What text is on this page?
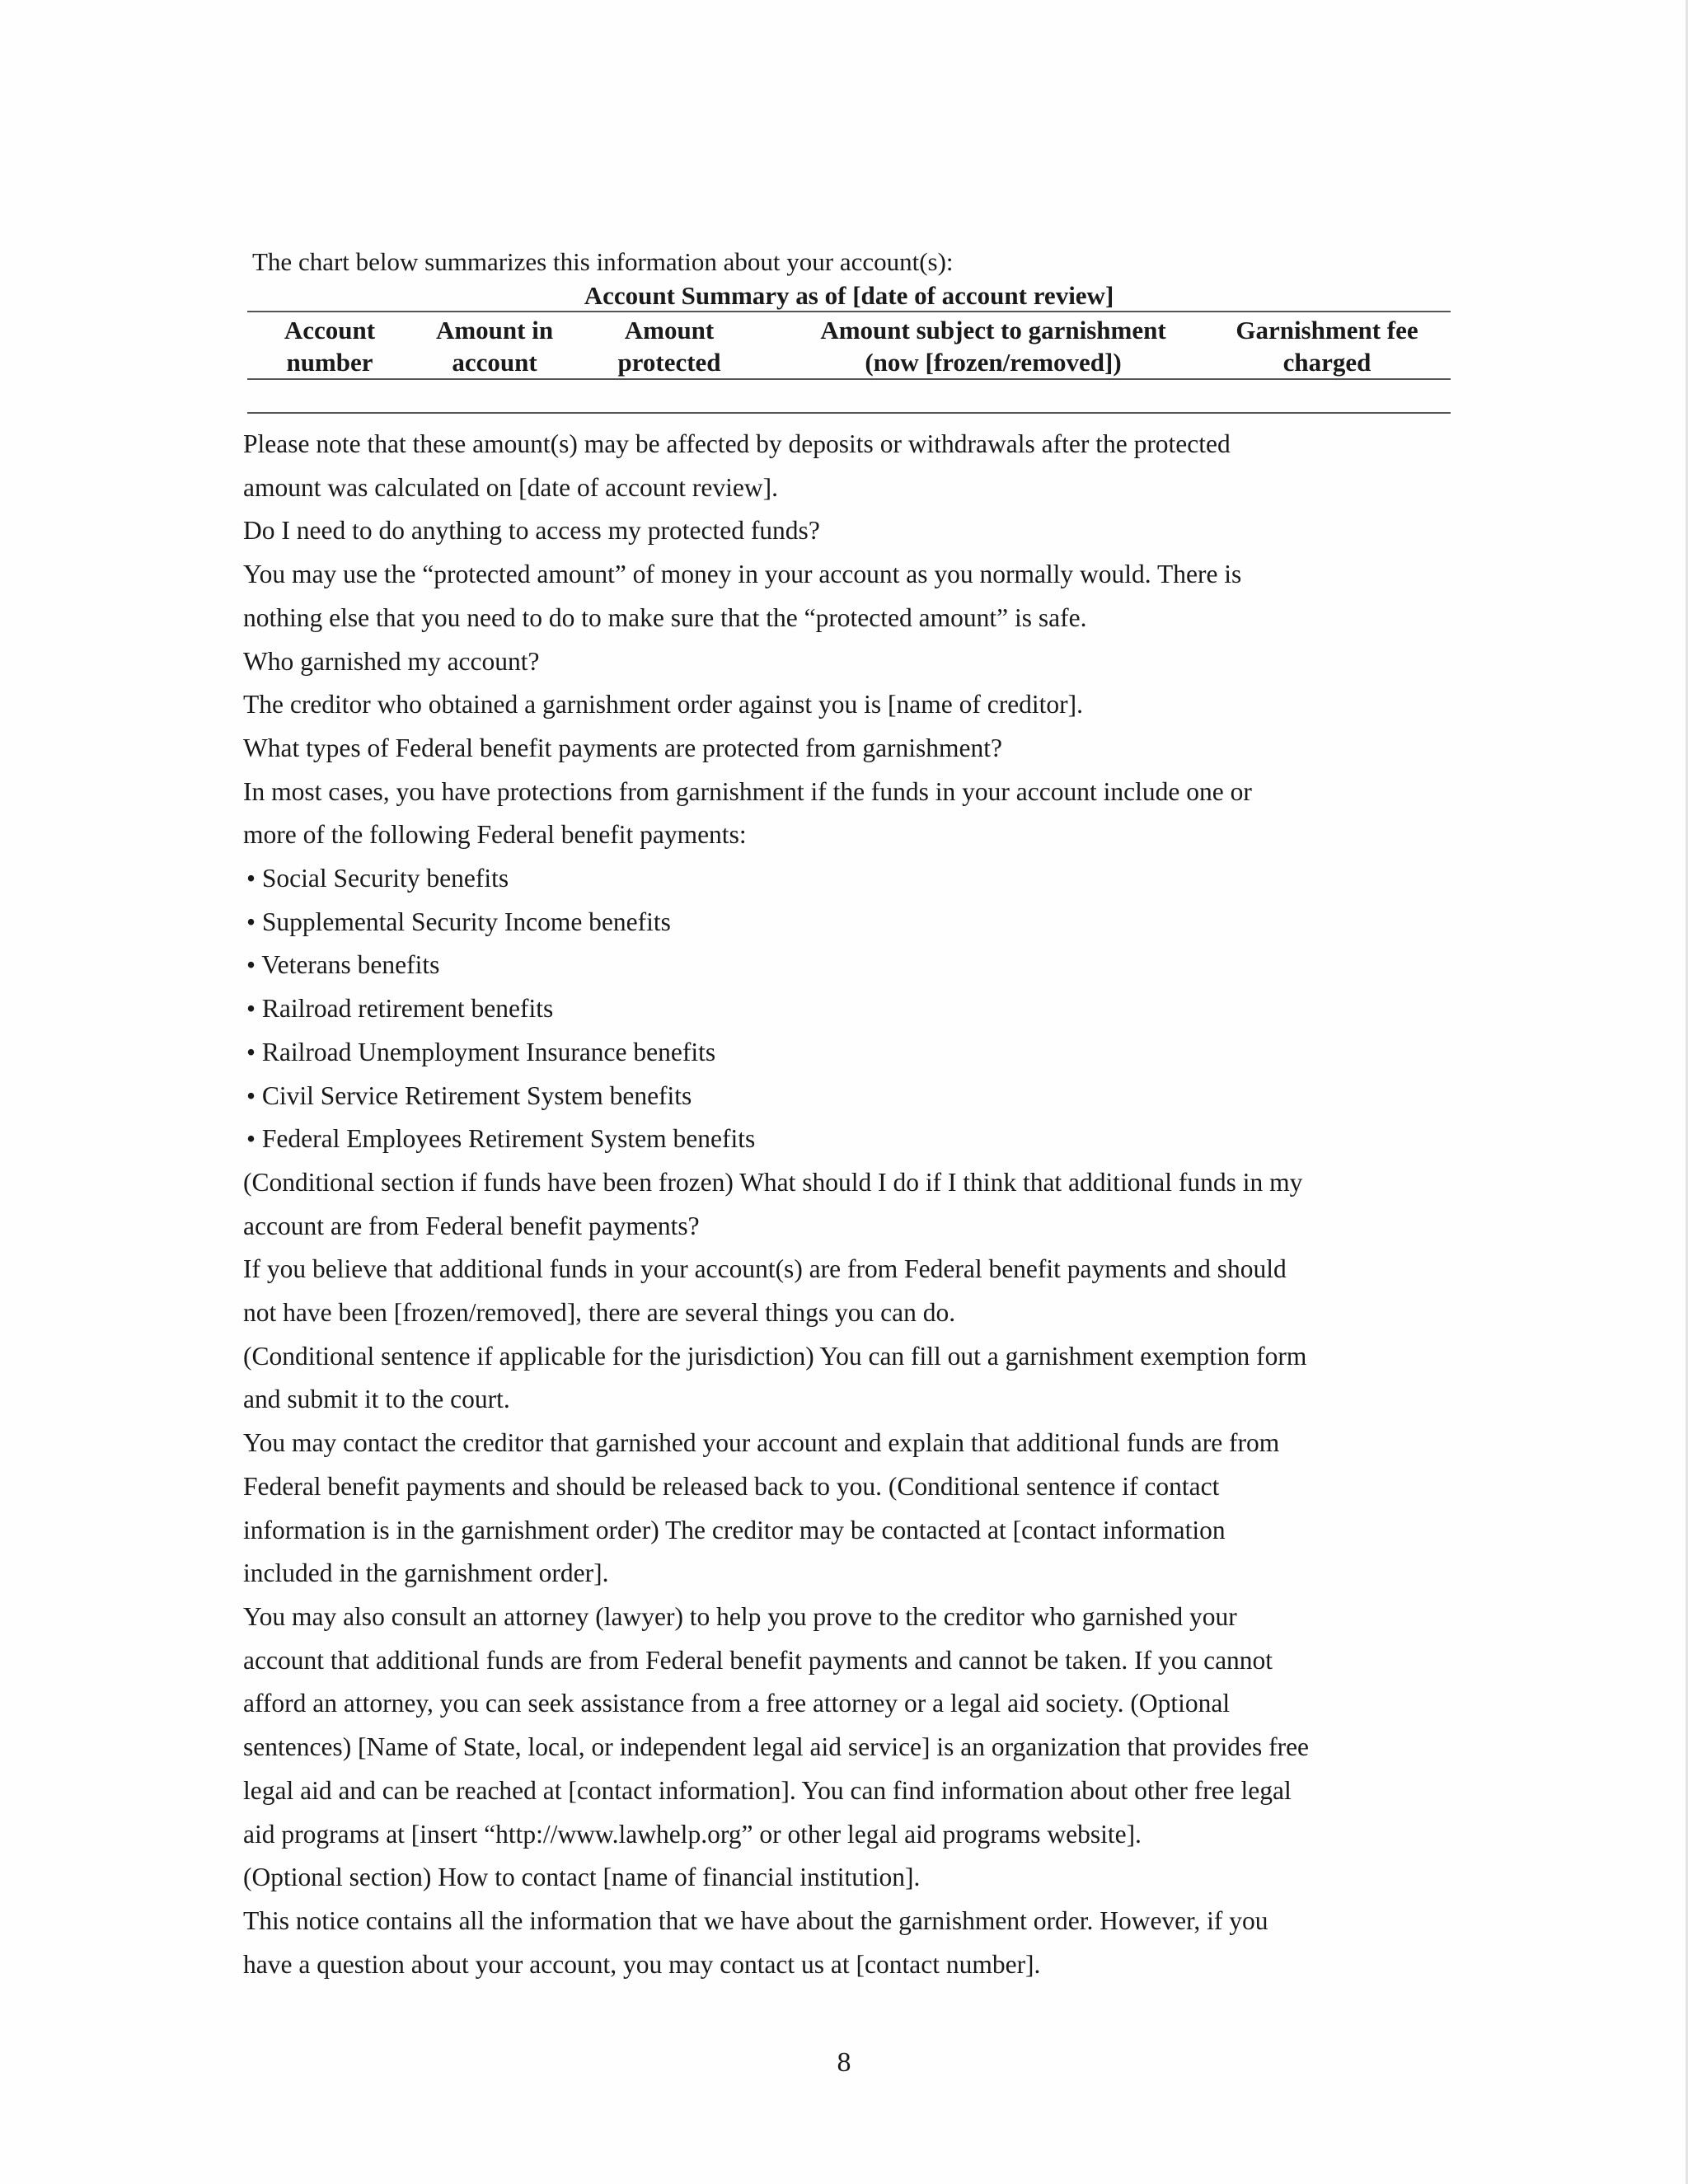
The chart below summarizes this information about your account(s):
Account Summary as of [date of account review]
Account
number
Amount in
account
Amount
protected
Amount subject to garnishment
(now [frozen/removed])
Garnishment fee
charged

Please note that these amount(s) may be affected by deposits or withdrawals after the protected

amount was calculated on [date of account review].

Do I need to do anything to access my protected funds?

You may use the “protected amount” of money in your account as you normally would. There is

nothing else that you need to do to make sure that the “protected amount” is safe.

Who garnished my account?

The creditor who obtained a garnishment order against you is [name of creditor].

What types of Federal benefit payments are protected from garnishment?

In most cases, you have protections from garnishment if the funds in your account include one or

more of the following Federal benefit payments:

• Social Security benefits

• Supplemental Security Income benefits

• Veterans benefits

• Railroad retirement benefits

• Railroad Unemployment Insurance benefits

• Civil Service Retirement System benefits

• Federal Employees Retirement System benefits

(Conditional section if funds have been frozen) What should I do if I think that additional funds in my

account are from Federal benefit payments?

If you believe that additional funds in your account(s) are from Federal benefit payments and should

not have been [frozen/removed], there are several things you can do.

(Conditional sentence if applicable for the jurisdiction) You can fill out a garnishment exemption form

and submit it to the court.

You may contact the creditor that garnished your account and explain that additional funds are from

Federal benefit payments and should be released back to you. (Conditional sentence if contact

information is in the garnishment order) The creditor may be contacted at [contact information

included in the garnishment order].

You may also consult an attorney (lawyer) to help you prove to the creditor who garnished your

account that additional funds are from Federal benefit payments and cannot be taken. If you cannot

afford an attorney, you can seek assistance from a free attorney or a legal aid society. (Optional

sentences) [Name of State, local, or independent legal aid service] is an organization that provides free

legal aid and can be reached at [contact information]. You can find information about other free legal

aid programs at [insert “http://www.lawhelp.org” or other legal aid programs website].

(Optional section) How to contact [name of financial institution].

This notice contains all the information that we have about the garnishment order. However, if you

have a question about your account, you may contact us at [contact number].

8
